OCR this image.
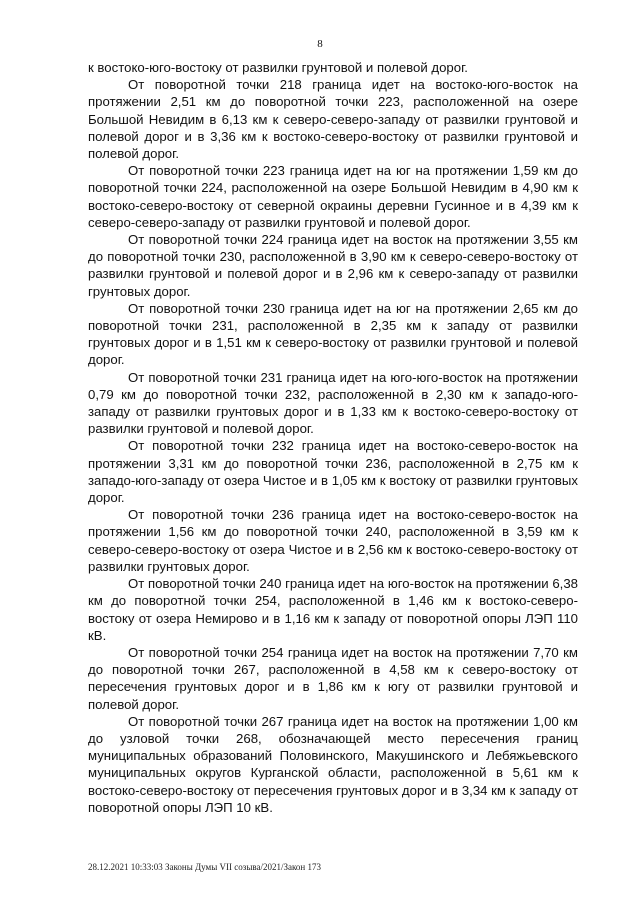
8

к востоко-юго-востоку от развилки грунтовой и полевой дорог.

От поворотной точки 218 граница идет на востоко-юго-восток на протяжении 2,51 км до поворотной точки 223, расположенной на озере Большой Невидим в 6,13 км к северо-северо-западу от развилки грунтовой и полевой дорог и в 3,36 км к востоко-северо-востоку от развилки грунтовой и полевой дорог.

От поворотной точки 223 граница идет на юг на протяжении 1,59 км до поворотной точки 224, расположенной на озере Большой Невидим в 4,90 км к востоко-северо-востоку от северной окраины деревни Гусинное и в 4,39 км к северо-северо-западу от развилки грунтовой и полевой дорог.

От поворотной точки 224 граница идет на восток на протяжении 3,55 км до поворотной точки 230, расположенной в 3,90 км к северо-северо-востоку от развилки грунтовой и полевой дорог и в 2,96 км к северо-западу от развилки грунтовых дорог.

От поворотной точки 230 граница идет на юг на протяжении 2,65 км до поворотной точки 231, расположенной в 2,35 км к западу от развилки грунтовых дорог и в 1,51 км к северо-востоку от развилки грунтовой и полевой дорог.

От поворотной точки 231 граница идет на юго-юго-восток на протяжении 0,79 км до поворотной точки 232, расположенной в 2,30 км к западо-юго-западу от развилки грунтовых дорог и в 1,33 км к востоко-северо-востоку от развилки грунтовой и полевой дорог.

От поворотной точки 232 граница идет на востоко-северо-восток на протяжении 3,31 км до поворотной точки 236, расположенной в 2,75 км к западо-юго-западу от озера Чистое и в 1,05 км к востоку от развилки грунтовых дорог.

От поворотной точки 236 граница идет на востоко-северо-восток на протяжении 1,56 км до поворотной точки 240, расположенной в 3,59 км к северо-северо-востоку от озера Чистое и в 2,56 км к востоко-северо-востоку от развилки грунтовых дорог.

От поворотной точки 240 граница идет на юго-восток на протяжении 6,38 км до поворотной точки 254, расположенной в 1,46 км к востоко-северо-востоку от озера Немирово и в 1,16 км к западу от поворотной опоры ЛЭП 110 кВ.

От поворотной точки 254 граница идет на восток на протяжении 7,70 км до поворотной точки 267, расположенной в 4,58 км к северо-востоку от пересечения грунтовых дорог и в 1,86 км к югу от развилки грунтовой и полевой дорог.

От поворотной точки 267 граница идет на восток на протяжении 1,00 км до узловой точки 268, обозначающей место пересечения границ муниципальных образований Половинского, Макушинского и Лебяжьевского муниципальных округов Курганской области, расположенной в 5,61 км к востоко-северо-востоку от пересечения грунтовых дорог и в 3,34 км к западу от поворотной опоры ЛЭП 10 кВ.

28.12.2021 10:33:03 Законы Думы VII созыва/2021/Закон 173
